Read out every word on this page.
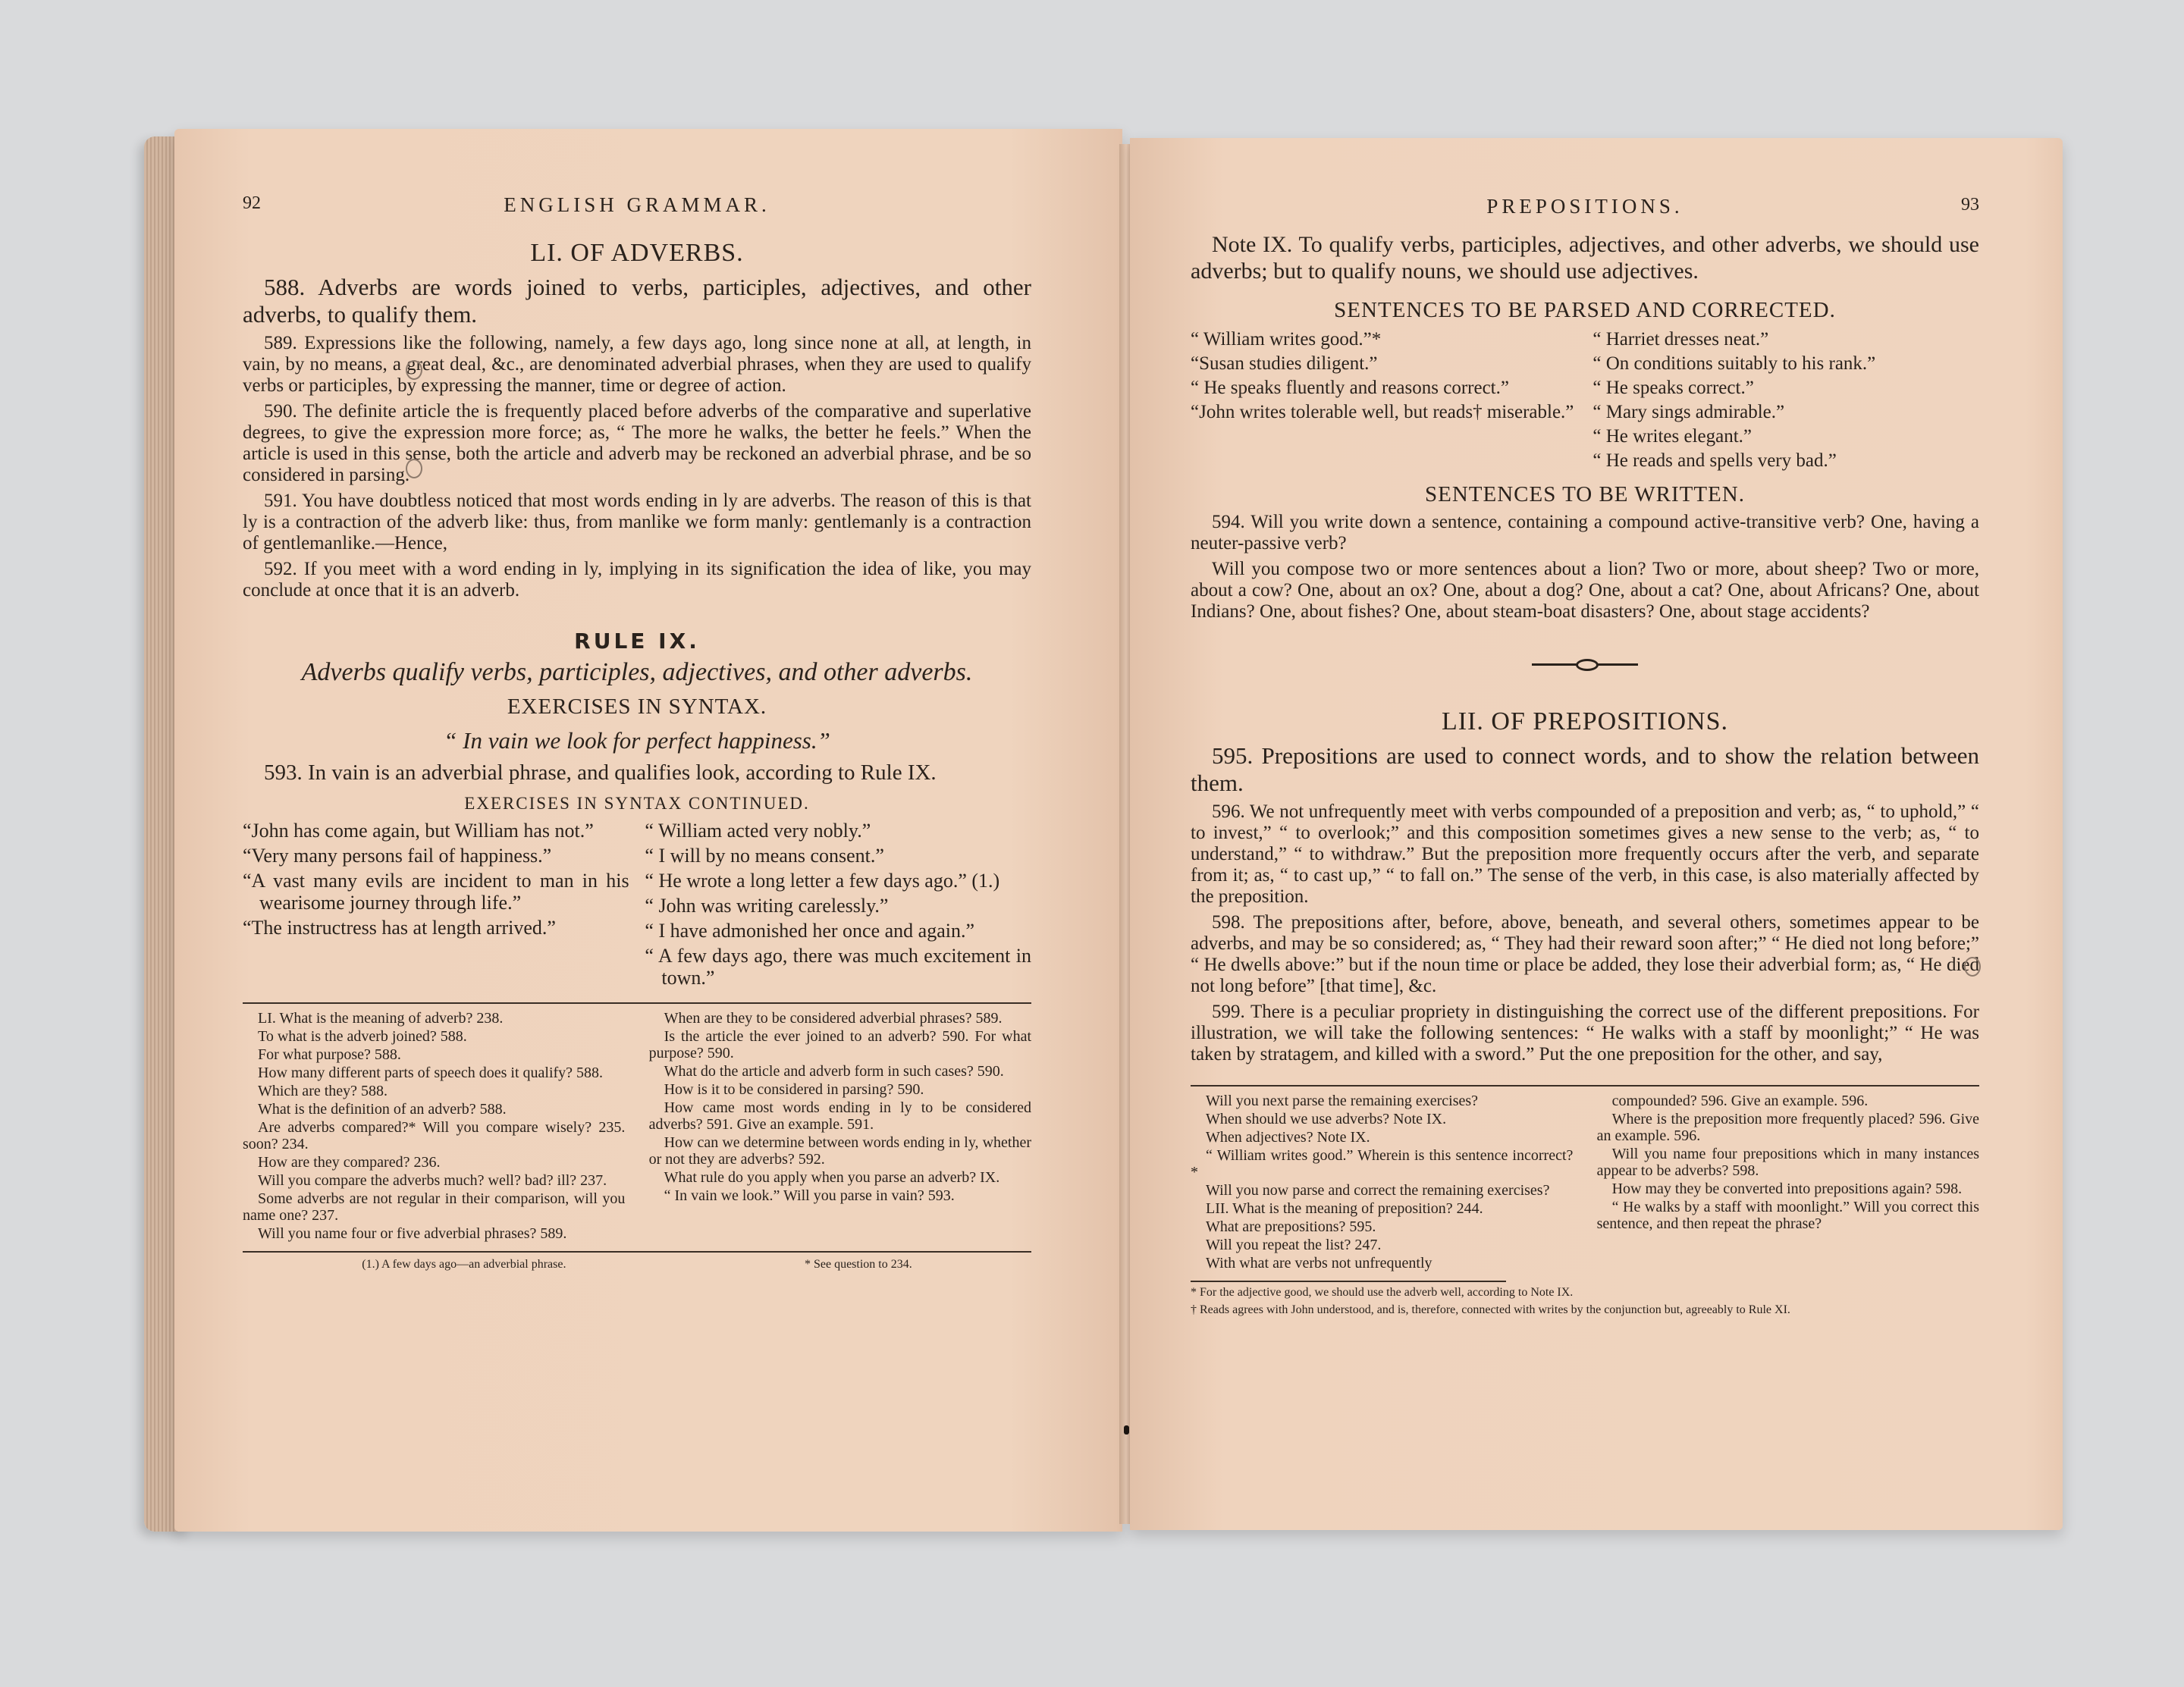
92	ENGLISH GRAMMAR.
LI. OF ADVERBS.

588. Adverbs are words joined to verbs, participles, adjectives, and other adverbs, to qualify them.

589. Expressions like the following, namely, a few days ago, long since none at all, at length, in vain, by no means, a great deal, &c., are denominated adverbial phrases, when they are used to qualify verbs or participles, by expressing the manner, time or degree of action.

590. The definite article the is frequently placed before adverbs of the comparative and superlative degrees, to give the expression more force; as, “ The more he walks, the better he feels.” When the article is used in this sense, both the article and adverb may be reckoned an adverbial phrase, and be so considered in parsing.

591. You have doubtless noticed that most words ending in ly are adverbs. The reason of this is that ly is a contraction of the adverb like: thus, from manlike we form manly: gentlemanly is a contraction of gentlemanlike.—Hence,

592. If you meet with a word ending in ly, implying in its signification the idea of like, you may conclude at once that it is an adverb.

RULE IX.
Adverbs qualify verbs, participles, adjectives, and other adverbs.
EXERCISES IN SYNTAX.
“ In vain we look for perfect happiness.”

593. In vain is an adverbial phrase, and qualifies look, according to Rule IX.

EXERCISES IN SYNTAX CONTINUED.
“John has come again, but William has not.”
“Very many persons fail of happiness.”
“A vast many evils are incident to man in his wearisome journey through life.”
“The instructress has at length arrived.”
“ William acted very nobly.”
“ I will by no means consent.”
“ He wrote a long letter a few days ago.” (1.)
“ John was writing carelessly.”
“ I have admonished her once and again.”
“ A few days ago, there was much excitement in town.”
LI. What is the meaning of adverb? 238.
To what is the adverb joined? 588.
For what purpose? 588.
How many different parts of speech does it qualify? 588.
Which are they? 588.
What is the definition of an adverb? 588.
Are adverbs compared?* Will you compare wisely? 235. soon? 234.
How are they compared? 236.
Will you compare the adverbs much? well? bad? ill? 237.
Some adverbs are not regular in their comparison, will you name one? 237.
Will you name four or five adverbial phrases? 589.
When are they to be considered adverbial phrases? 589.
Is the article the ever joined to an adverb? 590. For what purpose? 590.
What do the article and adverb form in such cases? 590.
How is it to be considered in parsing? 590.
How came most words ending in ly to be considered adverbs? 591. Give an example. 591.
How can we determine between words ending in ly, whether or not they are adverbs? 592.
What rule do you apply when you parse an adverb? IX.
“ In vain we look.” Will you parse in vain? 593.
(1.) A few days ago—an adverbial phrase.	* See question to 234.
PREPOSITIONS.	93

Note IX. To qualify verbs, participles, adjectives, and other adverbs, we should use adverbs; but to qualify nouns, we should use adjectives.

SENTENCES TO BE PARSED AND CORRECTED.
“ William writes good.”*
“Susan studies diligent.”
“ He speaks fluently and reasons correct.”
“John writes tolerable well, but reads† miserable.”
“ Harriet dresses neat.”
“ On conditions suitably to his rank.”
“ He speaks correct.”
“ Mary sings admirable.”
“ He writes elegant.”
“ He reads and spells very bad.”
SENTENCES TO BE WRITTEN.

594. Will you write down a sentence, containing a compound active-transitive verb? One, having a neuter-passive verb?

Will you compose two or more sentences about a lion? Two or more, about sheep? Two or more, about a cow? One, about an ox? One, about a dog? One, about a cat? One, about Africans? One, about Indians? One, about fishes? One, about steam-boat disasters? One, about stage accidents?

LII. OF PREPOSITIONS.

595. Prepositions are used to connect words, and to show the relation between them.

596. We not unfrequently meet with verbs compounded of a preposition and verb; as, “ to uphold,” “ to invest,” “ to overlook;” and this composition sometimes gives a new sense to the verb; as, “ to understand,” “ to withdraw.” But the preposition more frequently occurs after the verb, and separate from it; as, “ to cast up,” “ to fall on.” The sense of the verb, in this case, is also materially affected by the preposition.

598. The prepositions after, before, above, beneath, and several others, sometimes appear to be adverbs, and may be so considered; as, “ They had their reward soon after;” “ He died not long before;” “ He dwells above:” but if the noun time or place be added, they lose their adverbial form; as, “ He died not long before” [that time], &c.

599. There is a peculiar propriety in distinguishing the correct use of the different prepositions. For illustration, we will take the following sentences: “ He walks with a staff by moonlight;” “ He was taken by stratagem, and killed with a sword.” Put the one preposition for the other, and say,

Will you next parse the remaining exercises?
When should we use adverbs? Note IX.
When adjectives? Note IX.
“ William writes good.” Wherein is this sentence incorrect?*
Will you now parse and correct the remaining exercises?
LII. What is the meaning of preposition? 244.
What are prepositions? 595.
Will you repeat the list? 247.
With what are verbs not unfrequently
compounded? 596. Give an example. 596.
Where is the preposition more frequently placed? 596. Give an example. 596.
Will you name four prepositions which in many instances appear to be adverbs? 598.
How may they be converted into prepositions again? 598.
“ He walks by a staff with moonlight.” Will you correct this sentence, and then repeat the phrase?
* For the adjective good, we should use the adverb well, according to Note IX.
† Reads agrees with John understood, and is, therefore, connected with writes by the conjunction but, agreeably to Rule XI.
